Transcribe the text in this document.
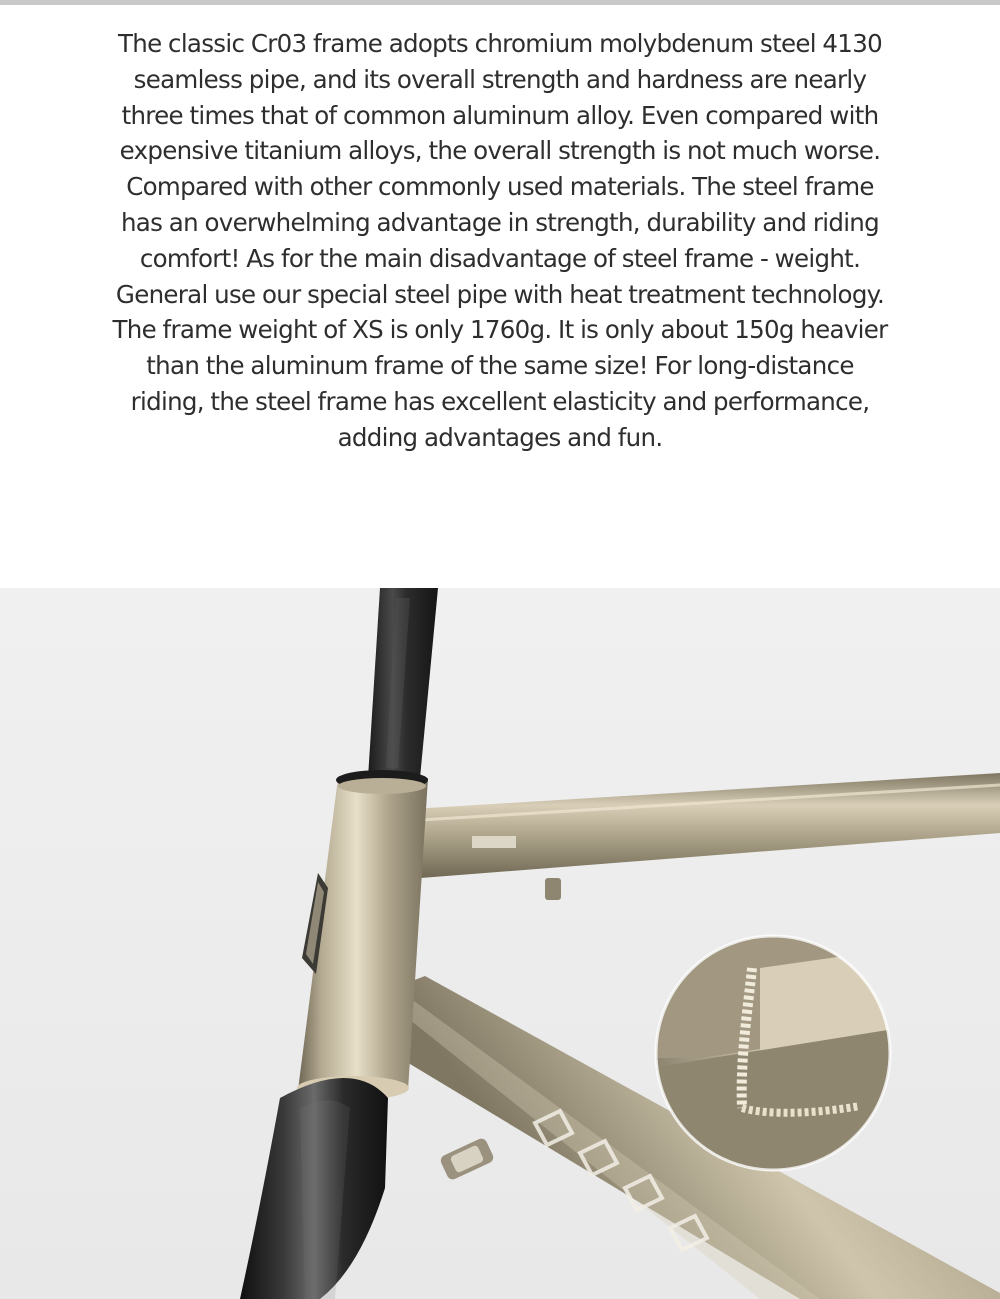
The classic Cr03 frame adopts chromium molybdenum steel 4130
seamless pipe, and its overall strength and hardness are nearly
three times that of common aluminum alloy. Even compared with
expensive titanium alloys, the overall strength is not much worse.
Compared with other commonly used materials. The steel frame
has an overwhelming advantage in strength, durability and riding
comfort! As for the main disadvantage of steel frame - weight.
General use our special steel pipe with heat treatment technology.
The frame weight of XS is only 1760g. It is only about 150g heavier
than the aluminum frame of the same size! For long-distance
riding, the steel frame has excellent elasticity and performance,
adding advantages and fun.
